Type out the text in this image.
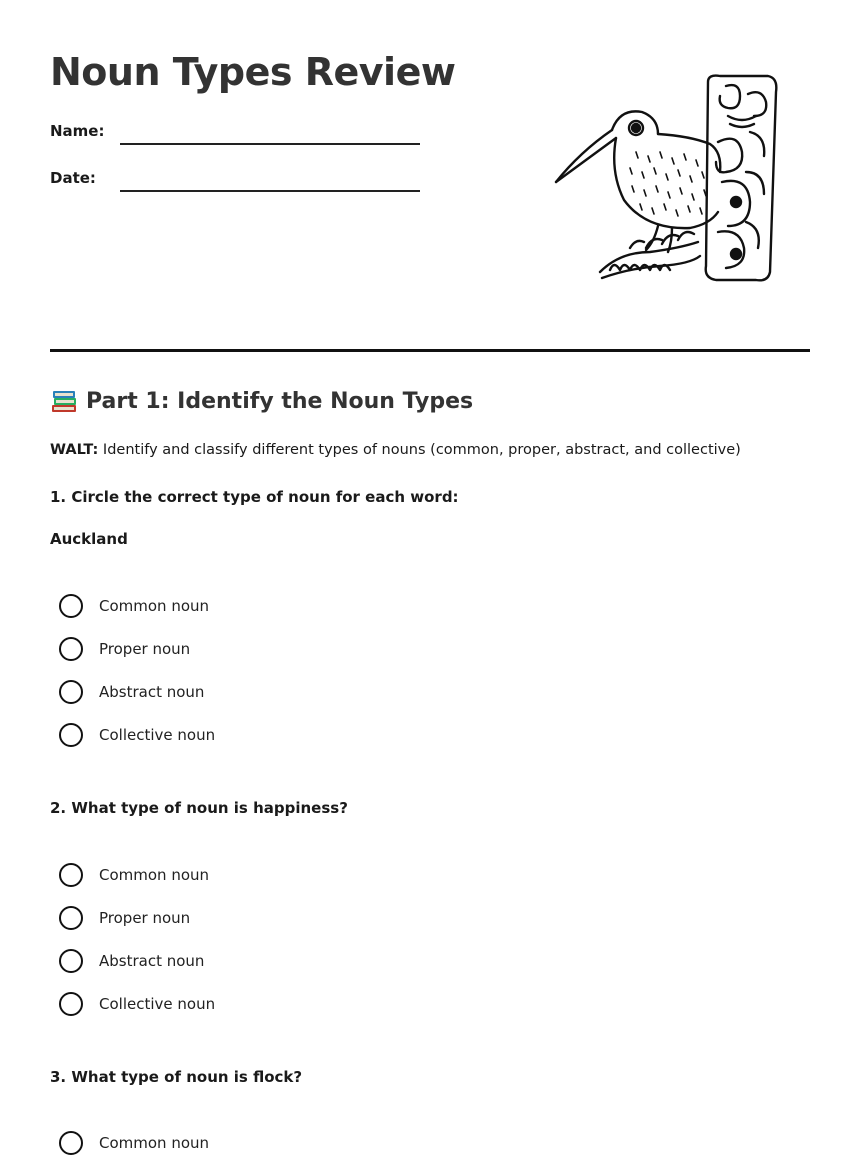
Noun Types Review
Name:
Date:
Part 1: Identify the Noun Types
WALT: Identify and classify different types of nouns (common, proper, abstract, and collective)
1. Circle the correct type of noun for each word:
Auckland
Common noun
Proper noun
Abstract noun
Collective noun
2. What type of noun is happiness?
Common noun
Proper noun
Abstract noun
Collective noun
3. What type of noun is flock?
Common noun
